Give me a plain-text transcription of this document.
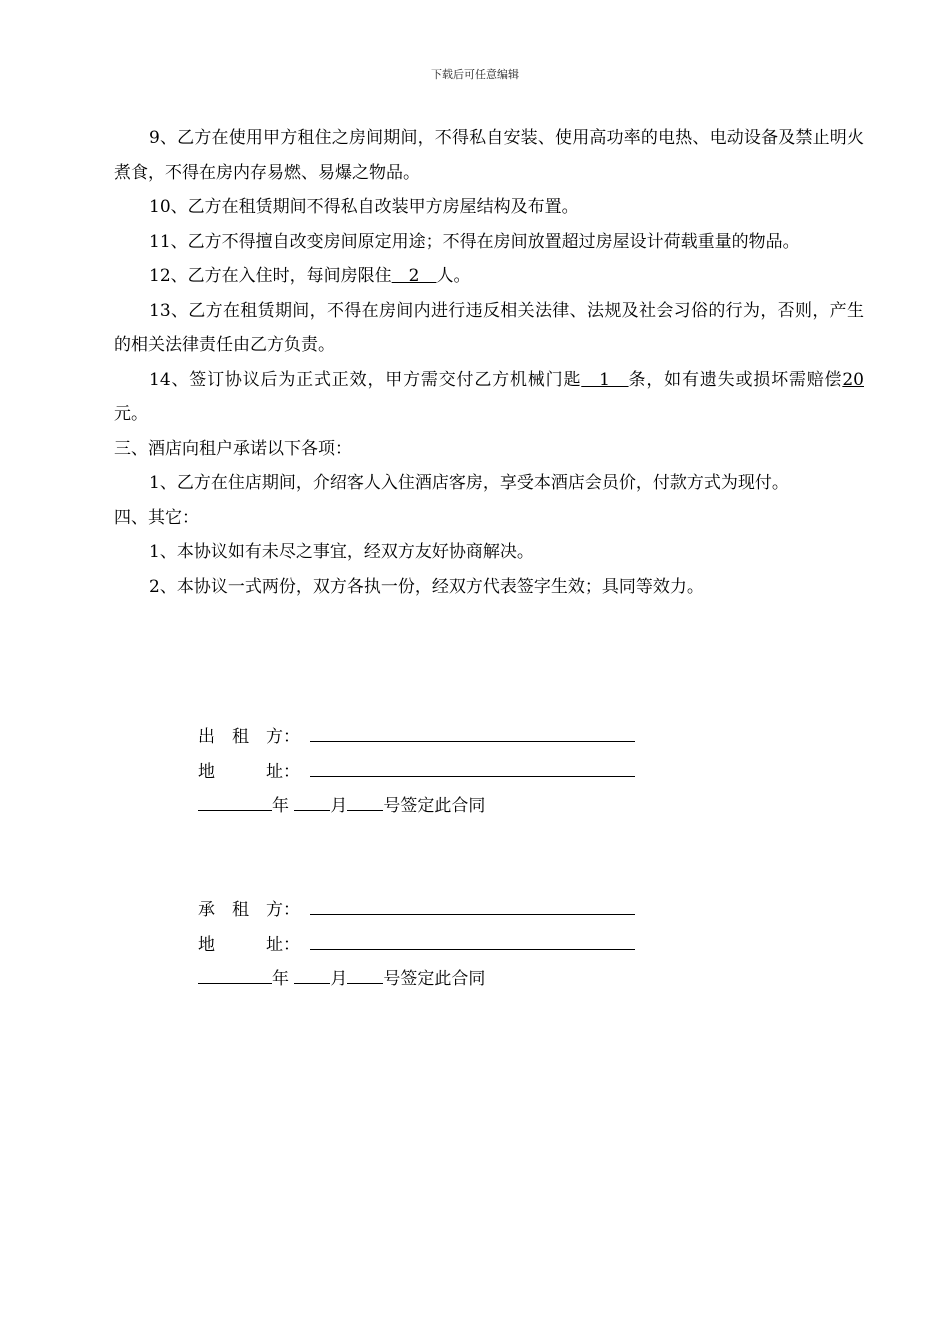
下载后可任意编辑

9、乙方在使用甲方租住之房间期间，不得私自安装、使用高功率的电热、电动设备及禁止明火煮食，不得在房内存易燃、易爆之物品。

10、乙方在租赁期间不得私自改装甲方房屋结构及布置。

11、乙方不得擅自改变房间原定用途；不得在房间放置超过房屋设计荷载重量的物品。

12、乙方在入住时，每间房限住　2　人。

13、乙方在租赁期间，不得在房间内进行违反相关法律、法规及社会习俗的行为，否则，产生的相关法律责任由乙方负责。

14、签订协议后为正式正效，甲方需交付乙方机械门匙　1　条，如有遗失或损坏需赔偿20元。

三、酒店向租户承诺以下各项：

1、乙方在住店期间，介绍客人入住酒店客房，享受本酒店会员价，付款方式为现付。

四、其它：

1、本协议如有未尽之事宜，经双方友好协商解决。

2、本协议一式两份，双方各执一份，经双方代表签字生效；具同等效力。

出　租　方：
地　　　址：
年
月 号签定此合同
承　租　方：
地　　　址：
年
月 号签定此合同
